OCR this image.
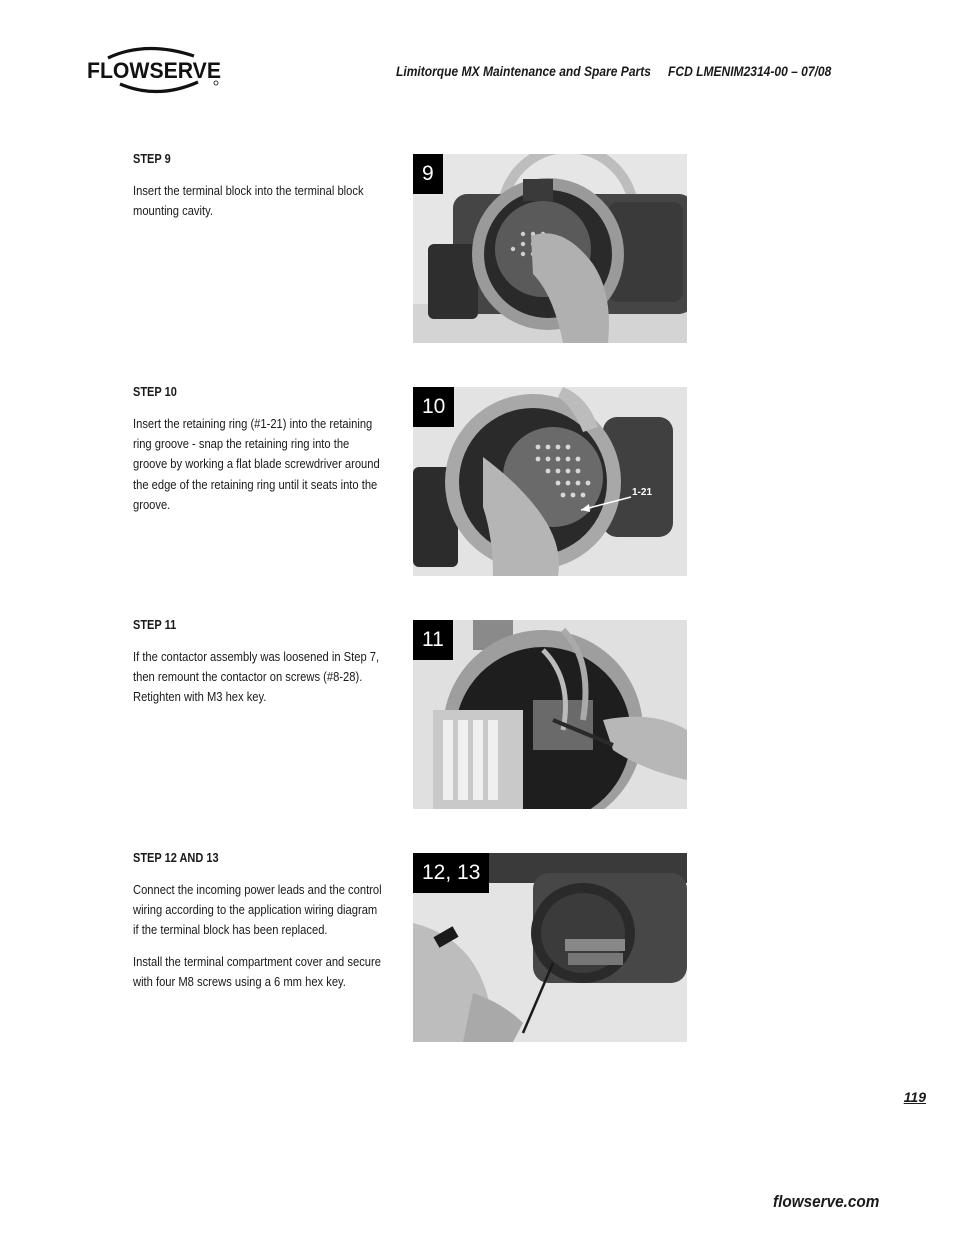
FLOWSERVE	Limitorque MX Maintenance and Spare Parts FCD LMENIM2314-00 – 07/08
STEP 9

Insert the terminal block into the terminal block mounting cavity.

9
STEP 10

Insert the retaining ring (#1-21) into the retaining ring groove - snap the retaining ring into the groove by working a flat blade screwdriver around the edge of the retaining ring until it seats into the groove.

1-21
10
STEP 11

If the contactor assembly was loosened in Step 7, then remount the contactor on screws (#8-28). Retighten with M3 hex key.

11
STEP 12 AND 13

Connect the incoming power leads and the control wiring according to the application wiring diagram if the terminal block has been replaced.

Install the terminal compartment cover and secure with four M8 screws using a 6 mm hex key.

12, 13
119
flowserve.com
